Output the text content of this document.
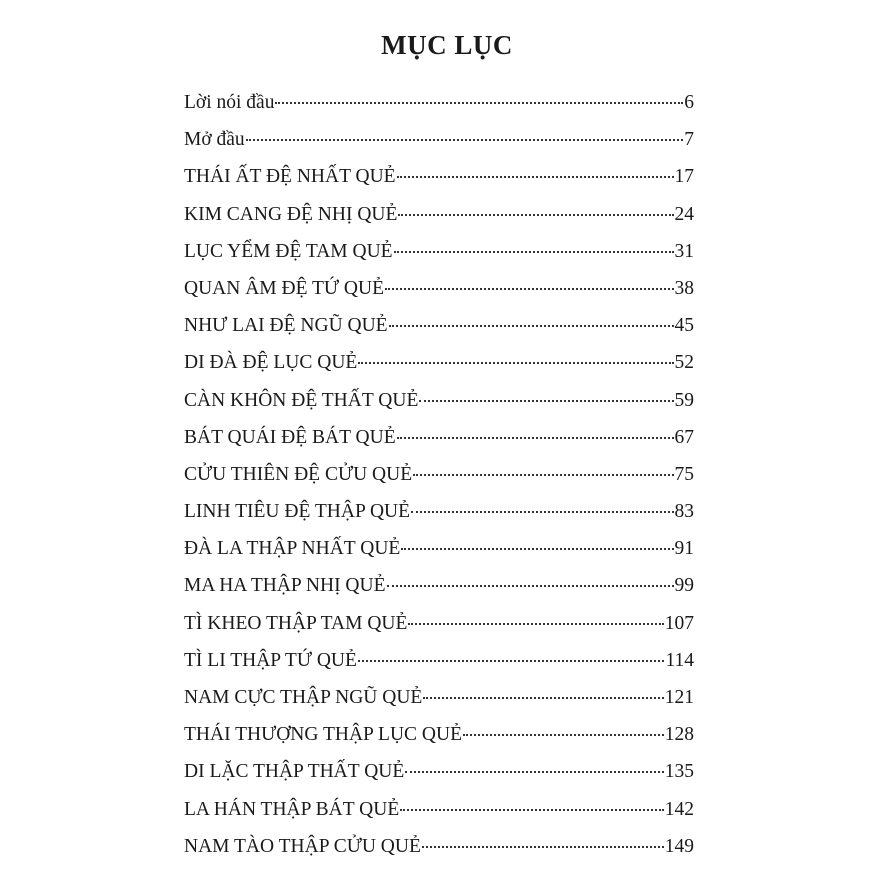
MỤC LỤC
Lời nói đầu	6
Mở đầu	7
THÁI ẤT ĐỆ NHẤT QUẺ	17
KIM CANG ĐỆ NHỊ QUẺ	24
LỤC YỂM ĐỆ TAM QUẺ	31
QUAN ÂM ĐỆ TỨ QUẺ	38
NHƯ LAI ĐỆ NGŨ QUẺ	45
DI ĐÀ ĐỆ LỤC QUẺ	52
CÀN KHÔN ĐỆ THẤT QUẺ	59
BÁT QUÁI ĐỆ BÁT QUẺ	67
CỬU THIÊN ĐỆ CỬU QUẺ	75
LINH TIÊU ĐỆ THẬP QUẺ	83
ĐÀ LA THẬP NHẤT QUẺ	91
MA HA THẬP NHỊ QUẺ	99
TÌ KHEO THẬP TAM QUẺ	107
TÌ LI THẬP TỨ QUẺ	114
NAM CỰC THẬP NGŨ QUẺ	121
THÁI THƯỢNG THẬP LỤC QUẺ	128
DI LẶC THẬP THẤT QUẺ	135
LA HÁN THẬP BÁT QUẺ	142
NAM TÀO THẬP CỬU QUẺ	149
